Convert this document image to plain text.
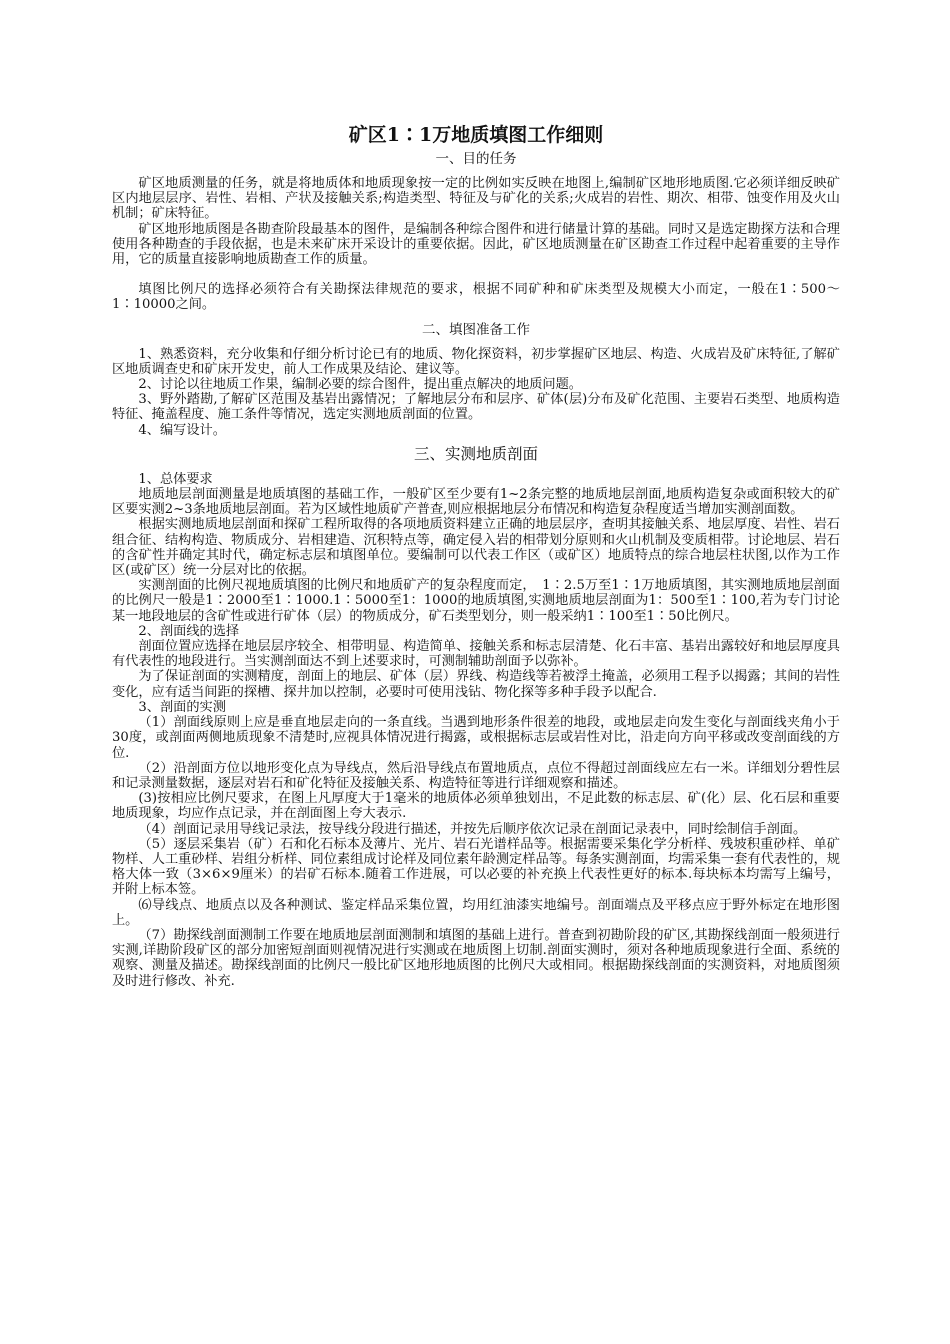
矿区1∶1万地质填图工作细则
一、目的任务

矿区地质测量的任务，就是将地质体和地质现象按一定的比例如实反映在地图上,编制矿区地形地质图.它必须详细反映矿区内地层层序、岩性、岩相、产状及接触关系;构造类型、特征及与矿化的关系;火成岩的岩性、期次、相带、蚀变作用及火山机制；矿床特征。

矿区地形地质图是各勘查阶段最基本的图件，是编制各种综合图件和进行储量计算的基础。同时又是选定勘探方法和合理使用各种勘查的手段依据，也是未来矿床开采设计的重要依据。因此，矿区地质测量在矿区勘查工作过程中起着重要的主导作用，它的质量直接影响地质勘查工作的质量。

填图比例尺的选择必须符合有关勘探法律规范的要求，根据不同矿种和矿床类型及规模大小而定，一般在1∶500～1∶10000之间。

二、填图准备工作

1、熟悉资料，充分收集和仔细分析讨论已有的地质、物化探资料，初步掌握矿区地层、构造、火成岩及矿床特征,了解矿区地质调查史和矿床开发史，前人工作成果及结论、建议等。

2、讨论以往地质工作果，编制必要的综合图件，提出重点解决的地质问题。

3、野外踏勘,了解矿区范围及基岩出露情况；了解地层分布和层序、矿体(层)分布及矿化范围、主要岩石类型、地质构造特征、掩盖程度、施工条件等情况，选定实测地质剖面的位置。

4、编写设计。

三、实测地质剖面

1、总体要求

地质地层剖面测量是地质填图的基础工作，一般矿区至少要有1~2条完整的地质地层剖面,地质构造复杂或面积较大的矿区要实测2~3条地质地层剖面。若为区域性地质矿产普查,则应根据地层分布情况和构造复杂程度适当增加实测剖面数。

根据实测地质地层剖面和探矿工程所取得的各项地质资料建立正确的地层层序，查明其接触关系、地层厚度、岩性、岩石组合征、结构构造、物质成分、岩相建造、沉积特点等，确定侵入岩的相带划分原则和火山机制及变质相带。讨论地层、岩石的含矿性并确定其时代，确定标志层和填图单位。要编制可以代表工作区（或矿区）地质特点的综合地层柱状图,以作为工作区(或矿区）统一分层对比的依据。

实测剖面的比例尺视地质填图的比例尺和地质矿产的复杂程度而定，　1∶2.5万至1∶1万地质填图，其实测地质地层剖面的比例尺一般是1∶2000至1∶1000.1∶5000至1：1000的地质填图,实测地质地层剖面为1：500至1∶100,若为专门讨论某一地段地层的含矿性或进行矿体（层）的物质成分，矿石类型划分，则一般采纳1∶100至1∶50比例尺。

2、剖面线的选择

剖面位置应选择在地层层序较全、相带明显、构造简单、接触关系和标志层清楚、化石丰富、基岩出露较好和地层厚度具有代表性的地段进行。当实测剖面达不到上述要求时，可测制辅助剖面予以弥补。

为了保证剖面的实测精度，剖面上的地层、矿体（层）界线、构造线等若被浮土掩盖，必须用工程予以揭露；其间的岩性变化，应有适当间距的探槽、探井加以控制，必要时可使用浅钻、物化探等多种手段予以配合.

3、剖面的实测

（1）剖面线原则上应是垂直地层走向的一条直线。当遇到地形条件很差的地段，或地层走向发生变化与剖面线夹角小于30度，或剖面两侧地质现象不清楚时,应视具体情况进行揭露，或根据标志层或岩性对比，沿走向方向平移或改变剖面线的方位.

（2）沿剖面方位以地形变化点为导线点，然后沿导线点布置地质点，点位不得超过剖面线应左右一米。详细划分碧性层和记录测量数据，逐层对岩石和矿化特征及接触关系、构造特征等进行详细观察和描述。

(3)按相应比例尺要求，在图上凡厚度大于1毫米的地质体必须单独划出，不足此数的标志层、矿(化）层、化石层和重要地质现象，均应作点记录，并在剖面图上夸大表示.

（4）剖面记录用导线记录法，按导线分段进行描述，并按先后顺序依次记录在剖面记录表中，同时绘制信手剖面。

（5）逐层采集岩（矿）石和化石标本及薄片、光片、岩石光谱样品等。根据需要采集化学分析样、残坡积重砂样、单矿物样、人工重砂样、岩组分析样、同位素组成讨论样及同位素年龄测定样品等。每条实测剖面，均需采集一套有代表性的，规格大体一致（3×6×9厘米）的岩矿石标本.随着工作进展，可以必要的补充换上代表性更好的标本.每块标本均需写上编号，并附上标本签。

⑹导线点、地质点以及各种测试、鉴定样品采集位置，均用红油漆实地编号。剖面端点及平移点应于野外标定在地形图上。

（7）勘探线剖面测制工作要在地质地层剖面测制和填图的基础上进行。普查到初勘阶段的矿区,其勘探线剖面一般须进行实测,详勘阶段矿区的部分加密短剖面则视情况进行实测或在地质图上切制.剖面实测时，须对各种地质现象进行全面、系统的观察、测量及描述。勘探线剖面的比例尺一般比矿区地形地质图的比例尺大或相同。根据勘探线剖面的实测资料，对地质图须及时进行修改、补充.
